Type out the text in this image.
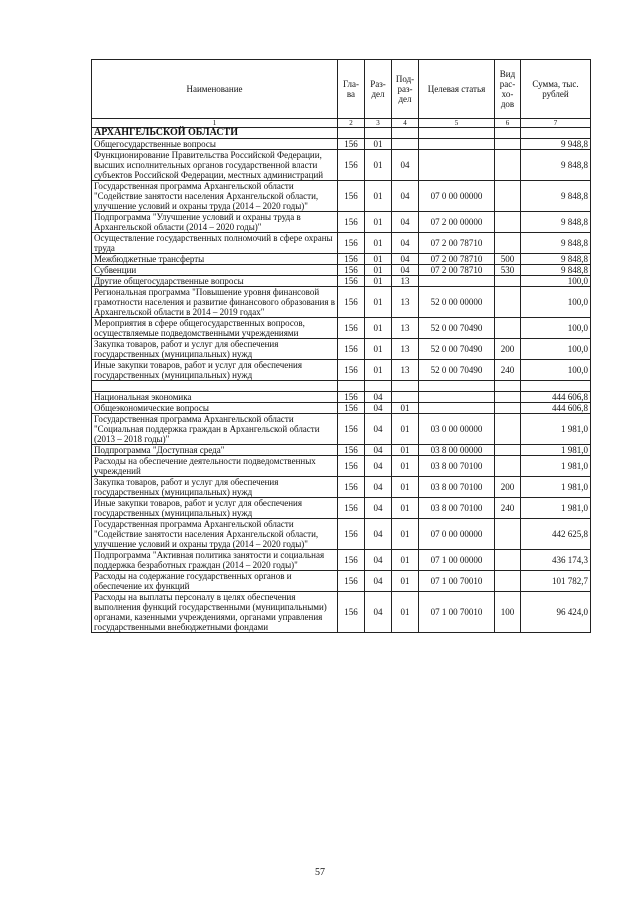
Наименование	Гла-ва	Раз-дел	Под-раз-дел	Целевая статья	Вид рас-хо-дов	Сумма, тыс. рублей
1	2	3	4	5	6	7
АРХАНГЕЛЬСКОЙ ОБЛАСТИ						
Общегосударственные вопросы	156	01				9 948,8
Функционирование Правительства Российской Федерации, высших исполнительных органов государственной власти субъектов Российской Федерации, местных администраций	156	01	04			9 848,8
Государственная программа Архангельской области "Содействие занятости населения Архангельской области, улучшение условий и охраны труда (2014 – 2020 годы)"	156	01	04	07 0 00 00000		9 848,8
Подпрограмма "Улучшение условий и охраны труда в Архангельской области (2014 – 2020 годы)"	156	01	04	07 2 00 00000		9 848,8
Осуществление государственных полномочий в сфере охраны труда	156	01	04	07 2 00 78710		9 848,8
Межбюджетные трансферты	156	01	04	07 2 00 78710	500	9 848,8
Субвенции	156	01	04	07 2 00 78710	530	9 848,8
Другие общегосударственные вопросы	156	01	13			100,0
Региональная программа "Повышение уровня финансовой грамотности населения и развитие финансового образования в Архангельской области в 2014 – 2019 годах"	156	01	13	52 0 00 00000		100,0
Мероприятия в сфере общегосударственных вопросов, осуществляемые подведомственными учреждениями	156	01	13	52 0 00 70490		100,0
Закупка товаров, работ и услуг для обеспечения государственных (муниципальных) нужд	156	01	13	52 0 00 70490	200	100,0
Иные закупки товаров, работ и услуг для обеспечения государственных (муниципальных) нужд	156	01	13	52 0 00 70490	240	100,0

Национальная экономика	156	04				444 606,8
Общеэкономические вопросы	156	04	01			444 606,8
Государственная программа Архангельской области "Социальная поддержка граждан в Архангельской области (2013 – 2018 годы)"	156	04	01	03 0 00 00000		1 981,0
Подпрограмма "Доступная среда"	156	04	01	03 8 00 00000		1 981,0
Расходы на обеспечение деятельности подведомственных учреждений	156	04	01	03 8 00 70100		1 981,0
Закупка товаров, работ и услуг для обеспечения государственных (муниципальных) нужд	156	04	01	03 8 00 70100	200	1 981,0
Иные закупки товаров, работ и услуг для обеспечения государственных (муниципальных) нужд	156	04	01	03 8 00 70100	240	1 981,0
Государственная программа Архангельской области "Содействие занятости населения Архангельской области, улучшение условий и охраны труда (2014 – 2020 годы)"	156	04	01	07 0 00 00000		442 625,8
Подпрограмма "Активная политика занятости и социальная поддержка безработных граждан (2014 – 2020 годы)"	156	04	01	07 1 00 00000		436 174,3
Расходы на содержание государственных органов и обеспечение их функций	156	04	01	07 1 00 70010		101 782,7
Расходы на выплаты персоналу в целях обеспечения выполнения функций государственными (муниципальными) органами, казенными учреждениями, органами управления государственными внебюджетными фондами	156	04	01	07 1 00 70010	100	96 424,0
57
